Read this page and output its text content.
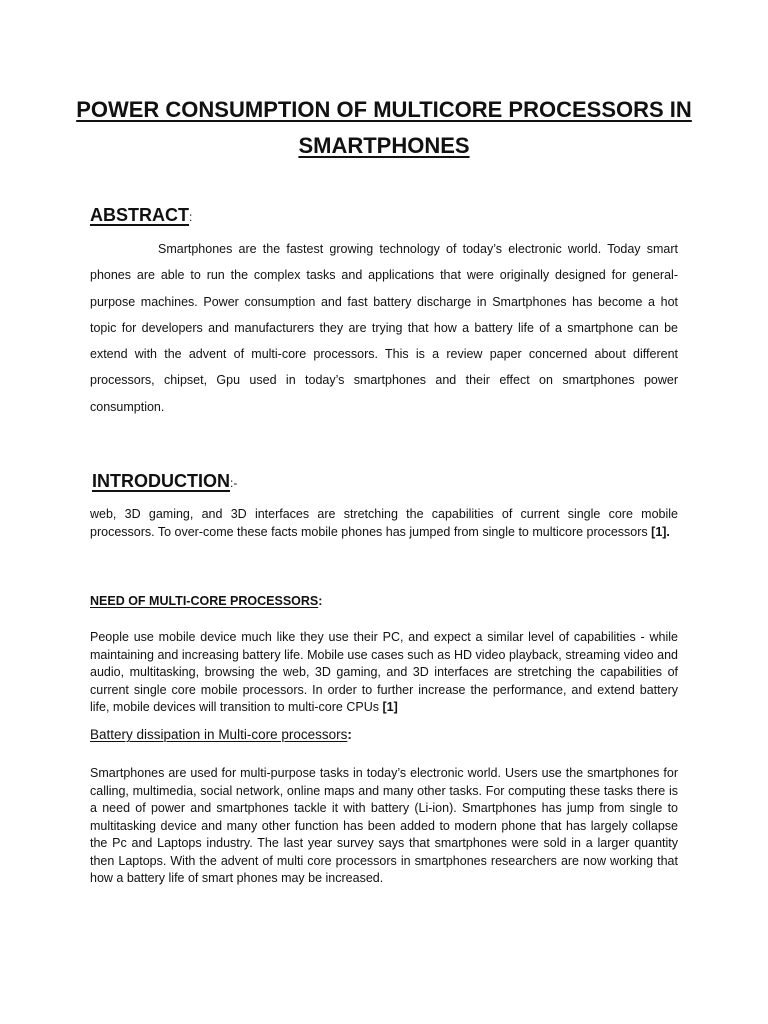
POWER CONSUMPTION OF MULTICORE PROCESSORS IN SMARTPHONES
ABSTRACT:
Smartphones are the fastest growing technology of today’s electronic world. Today smart phones are able to run the complex tasks and applications that were originally designed for general-purpose machines. Power consumption and fast battery discharge in Smartphones has become a hot topic for developers and manufacturers they are trying that how a battery life of a smartphone can be extend with the advent of multi-core processors. This is a review paper concerned about different processors, chipset, Gpu used in today’s smartphones and their effect on smartphones power consumption.
INTRODUCTION:-
web, 3D gaming, and 3D interfaces are stretching the capabilities of current single core mobile processors. To over-come these facts mobile phones has jumped from single to multicore processors [1].
NEED OF MULTI-CORE PROCESSORS:
People use mobile device much like they use their PC, and expect a similar level of capabilities - while maintaining and increasing battery life. Mobile use cases such as HD video playback, streaming video and audio, multitasking, browsing the web, 3D gaming, and 3D interfaces are stretching the capabilities of current single core mobile processors. In order to further increase the performance, and extend battery life, mobile devices will transition to multi-core CPUs [1]
Battery dissipation in Multi-core processors:
Smartphones are used for multi-purpose tasks in today’s electronic world. Users use the smartphones for calling, multimedia, social network, online maps and many other tasks. For computing these tasks there is a need of power and smartphones tackle it with battery (Li-ion). Smartphones has jump from single to multitasking device and many other function has been added to modern phone that has largely collapse the Pc and Laptops industry. The last year survey says that smartphones were sold in a larger quantity then Laptops. With the advent of multi core processors in smartphones researchers are now working that how a battery life of smart phones may be increased.
